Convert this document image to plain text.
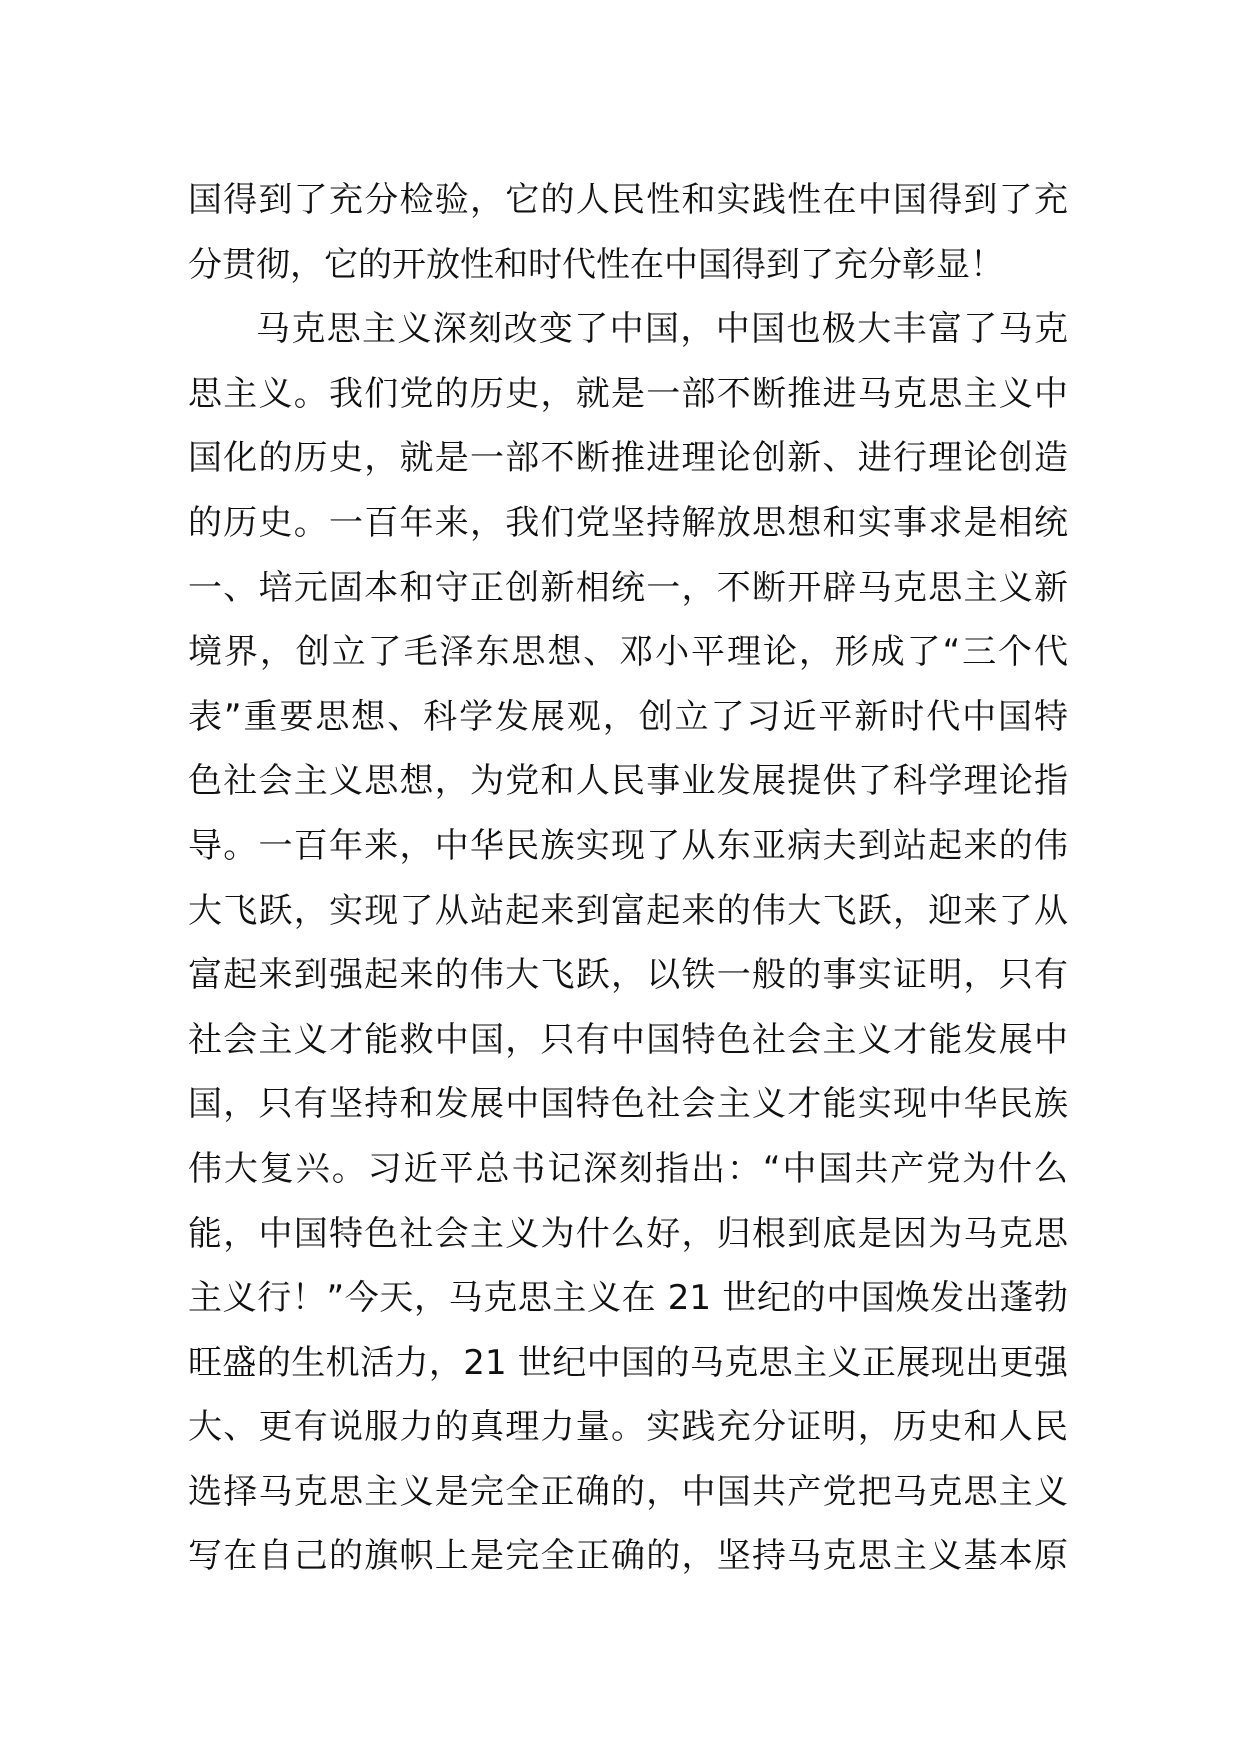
国得到了充分检验，它的人民性和实践性在中国得到了充
分贯彻，它的开放性和时代性在中国得到了充分彰显！
马克思主义深刻改变了中国，中国也极大丰富了马克
思主义。我们党的历史，就是一部不断推进马克思主义中
国化的历史，就是一部不断推进理论创新、进行理论创造
的历史。一百年来，我们党坚持解放思想和实事求是相统
一、培元固本和守正创新相统一，不断开辟马克思主义新
境界，创立了毛泽东思想、邓小平理论，形成了“三个代
表”重要思想、科学发展观，创立了习近平新时代中国特
色社会主义思想，为党和人民事业发展提供了科学理论指
导。一百年来，中华民族实现了从东亚病夫到站起来的伟
大飞跃，实现了从站起来到富起来的伟大飞跃，迎来了从
富起来到强起来的伟大飞跃，以铁一般的事实证明，只有
社会主义才能救中国，只有中国特色社会主义才能发展中
国，只有坚持和发展中国特色社会主义才能实现中华民族
伟大复兴。习近平总书记深刻指出：“中国共产党为什么
能，中国特色社会主义为什么好，归根到底是因为马克思
主义行！”今天，马克思主义在 21 世纪的中国焕发出蓬勃
旺盛的生机活力，21 世纪中国的马克思主义正展现出更强
大、更有说服力的真理力量。实践充分证明，历史和人民
选择马克思主义是完全正确的，中国共产党把马克思主义
写在自己的旗帜上是完全正确的，坚持马克思主义基本原
